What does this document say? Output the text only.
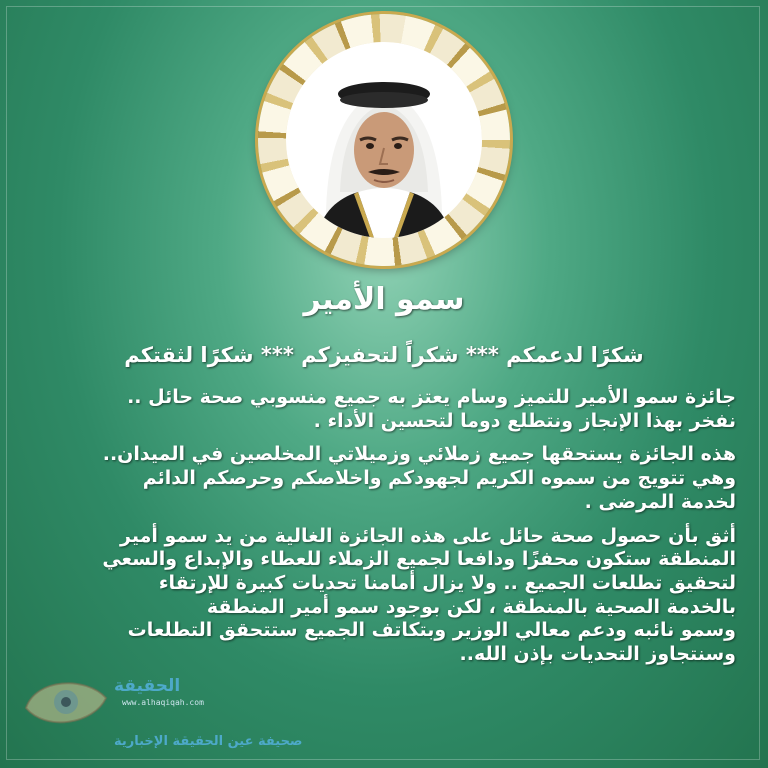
سمو الأمير
شكرًا لدعمكم *** شكراً لتحفيزكم *** شكرًا لثقتكم
جائزة سمو الأمير للتميز وسام يعتز به جميع منسوبي صحة حائل ..
نفخر بهذا الإنجاز ونتطلع دوما لتحسين الأداء .
هذه الجائزة يستحقها جميع زملائي وزميلاتي المخلصين في الميدان..
وهي تتويج من سموه الكريم لجهودكم واخلاصكم وحرصكم الدائم
لخدمة المرضى .
أثق بأن حصول صحة حائل على هذه الجائزة الغالية من يد سمو أمير
المنطقة ستكون محفزًا ودافعا لجميع الزملاء للعطاء والإبداع والسعي
لتحقيق تطلعات الجميع .. ولا يزال أمامنا تحديات كبيرة للإرتقاء
بالخدمة الصحية بالمنطقة ، لكن بوجود سمو أمير المنطقة
وسمو نائبه ودعم معالي الوزير وبتكاتف الجميع ستتحقق التطلعات
وسنتجاوز التحديات بإذن الله..
الحقيقة
www.alhaqiqah.com
صحيفة عين الحقيقة الإخبارية
